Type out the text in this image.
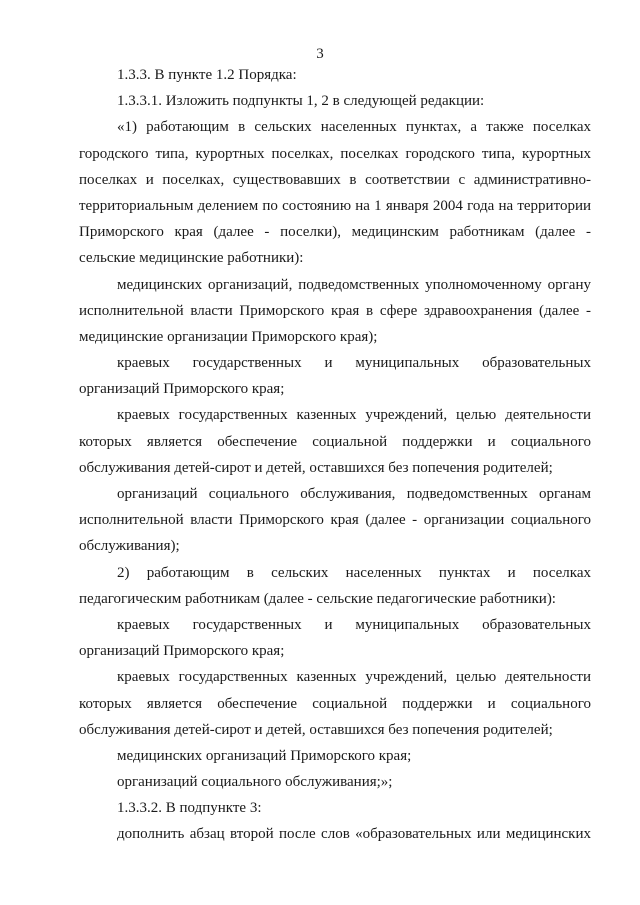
3
1.3.3. В пункте 1.2 Порядка:
1.3.3.1. Изложить подпункты 1, 2 в следующей редакции:
«1) работающим в сельских населенных пунктах, а также поселках
городского типа, курортных поселках, поселках городского типа, курортных
поселках и поселках, существовавших в соответствии с административно-
территориальным делением по состоянию на 1 января 2004 года на территории
Приморского края (далее - поселки), медицинским работникам (далее -
сельские медицинские работники):
медицинских организаций, подведомственных уполномоченному органу
исполнительной власти Приморского края в сфере здравоохранения (далее -
медицинские организации Приморского края);
краевых государственных и муниципальных образовательных
организаций Приморского края;
краевых государственных казенных учреждений, целью деятельности
которых является обеспечение социальной поддержки и социального
обслуживания детей-сирот и детей, оставшихся без попечения родителей;
организаций социального обслуживания, подведомственных органам
исполнительной власти Приморского края (далее - организации социального
обслуживания);
2) работающим в сельских населенных пунктах и поселках
педагогическим работникам (далее - сельские педагогические работники):
краевых государственных и муниципальных образовательных
организаций Приморского края;
краевых государственных казенных учреждений, целью деятельности
которых является обеспечение социальной поддержки и социального
обслуживания детей-сирот и детей, оставшихся без попечения родителей;
медицинских организаций Приморского края;
организаций социального обслуживания;»;
1.3.3.2. В подпункте 3:
дополнить абзац второй после слов «образовательных или медицинских
